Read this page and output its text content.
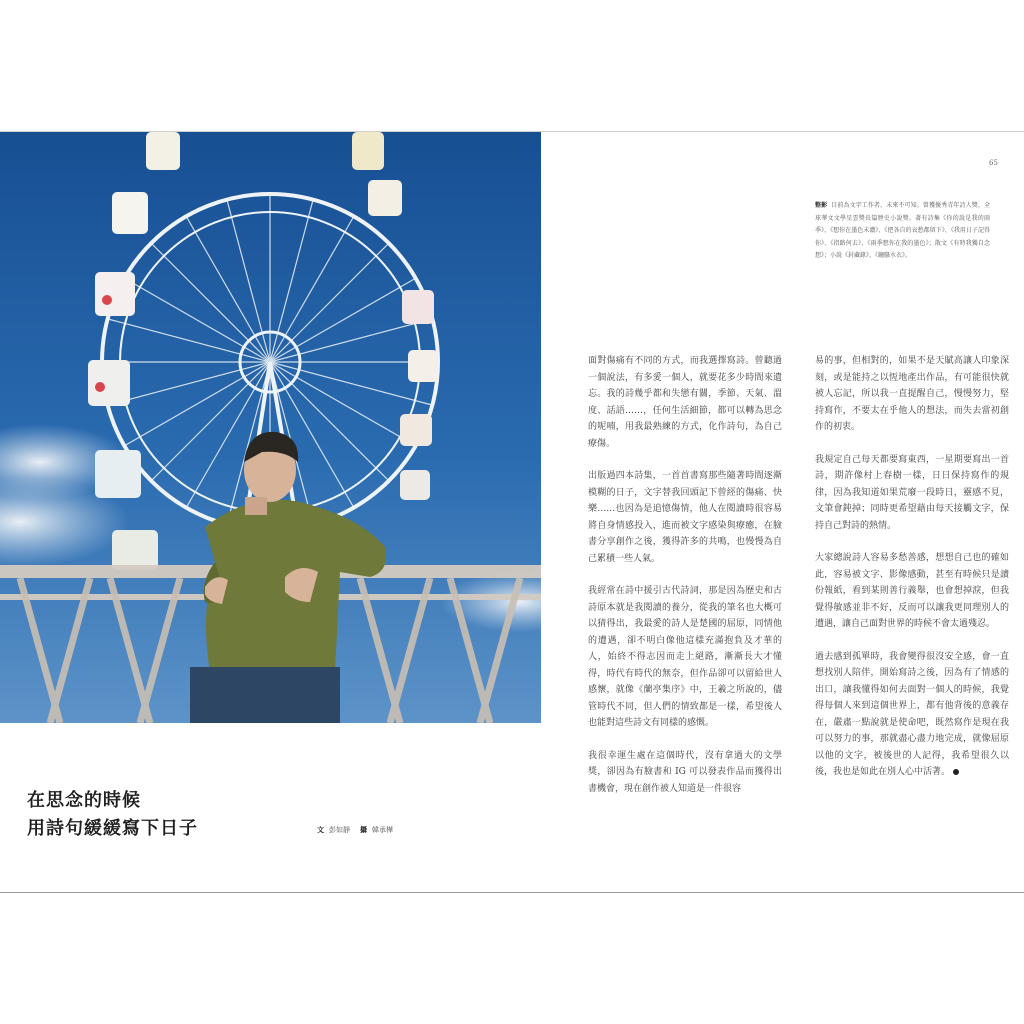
在思念的時候
用詩句緩緩寫下日子	文 彭如靜 攝 韓承樺
65
整影 目前為文字工作者，未來不可知。曾獲優秀青年詩人獎、全球華文文學星雲獎長篇歷史小說獎。著有詩集《你的說是我的雨季》、《想你在墨色未濃》、《把各自的哀愁都留下》、《我用日子記得你》、《指路何去》、《雨季想你在我的墨色》；散文《有時我獨自念想》；小說《封藏錄》、《纏騷水衣》。

面對傷痛有不同的方式，而我選擇寫詩。曾聽過一個說法，有多愛一個人，就要花多少時間來遺忘。我的詩幾乎都和失戀有關，季節、天氣、溫度、話語……，任何生活細節，都可以轉為思念的呢喃，用我最熟練的方式，化作詩句，為自己療傷。

出版過四本詩集，一首首書寫那些隨著時間逐漸模糊的日子，文字替我回頭記下曾經的傷痛、快樂……也因為是追憶傷情，他人在閱讀時很容易將自身情感投入，進而被文字感染與療癒，在臉書分享創作之後，獲得許多的共鳴，也慢慢為自己累積一些人氣。

我經常在詩中援引古代詩詞，那是因為歷史和古詩原本就是我閱讀的養分，從我的筆名也大概可以猜得出，我最愛的詩人是楚國的屈原，同情他的遭遇，卻不明白像他這樣充滿抱負及才華的人，始終不得志因而走上絕路，漸漸長大才懂得，時代有時代的無奈，但作品卻可以留給世人感懷，就像《蘭亭集序》中，王羲之所說的，儘管時代不同，但人們的情致都是一樣，希望後人也能對這些詩文有同樣的感慨。

我很幸運生處在這個時代，沒有拿過大的文學獎，卻因為有臉書和 IG 可以發表作品而獲得出書機會，現在創作被人知道是一件很容

易的事，但相對的，如果不是天賦高讓人印象深刻，或是能持之以恆地產出作品，有可能很快就被人忘記，所以我一直提醒自己，慢慢努力，堅持寫作，不要太在乎他人的想法，而失去當初創作的初衷。

我規定自己每天都要寫東西，一星期要寫出一首詩，期許像村上春樹一樣，日日保持寫作的規律，因為我知道如果荒廢一段時日，靈感不見，文筆會鈍掉；同時更希望藉由每天接觸文字，保持自己對詩的熱情。

大家總說詩人容易多愁善感，想想自己也的確如此，容易被文字、影像感動，甚至有時候只是讀份報紙，看到某則善行義舉，也會想掉淚，但我覺得敏感並非不好，反而可以讓我更同理別人的遭遇，讓自己面對世界的時候不會太過殘忍。

過去感到孤單時，我會變得很沒安全感，會一直想找別人陪伴，開始寫詩之後，因為有了情感的出口，讓我懂得如何去面對一個人的時候，我覺得每個人來到這個世界上，都有他背後的意義存在，嚴肅一點說就是使命吧，既然寫作是現在我可以努力的事，那就盡心盡力地完成，就像屈原以他的文字，被後世的人記得，我希望很久以後，我也是如此在別人心中活著。
